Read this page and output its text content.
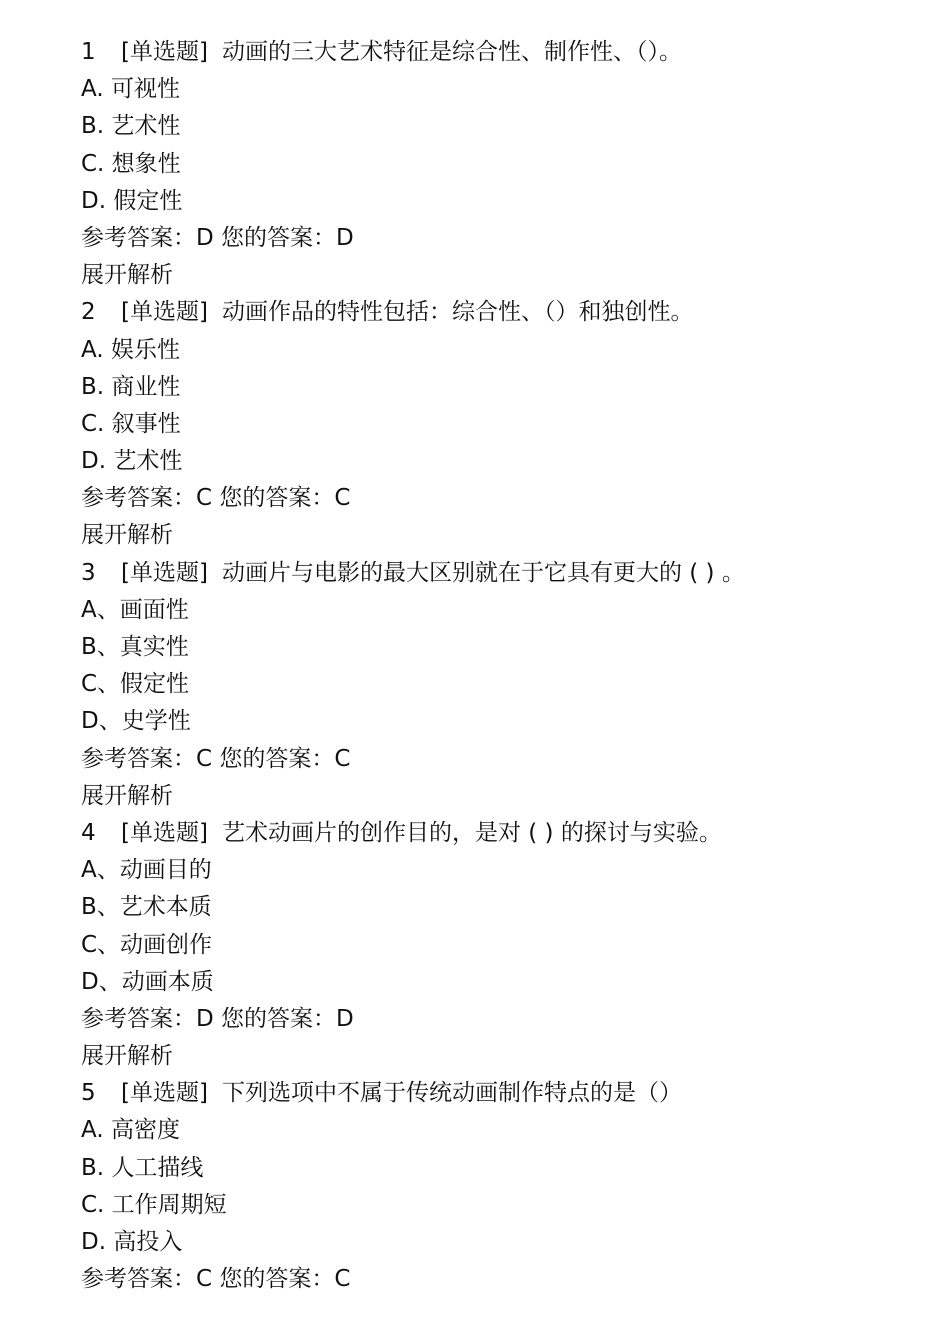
1 [单选题] 动画的三大艺术特征是综合性、制作性、（）。
A. 可视性
B. 艺术性
C. 想象性
D. 假定性
参考答案：D 您的答案：D
展开解析
2 [单选题] 动画作品的特性包括：综合性、（）和独创性。
A. 娱乐性
B. 商业性
C. 叙事性
D. 艺术性
参考答案：C 您的答案：C
展开解析
3 [单选题] 动画片与电影的最大区别就在于它具有更大的 ( ) 。
A、画面性
B、真实性
C、假定性
D、史学性
参考答案：C 您的答案：C
展开解析
4 [单选题] 艺术动画片的创作目的，是对 ( ) 的探讨与实验。
A、动画目的
B、艺术本质
C、动画创作
D、动画本质
参考答案：D 您的答案：D
展开解析
5 [单选题] 下列选项中不属于传统动画制作特点的是（）
A. 高密度
B. 人工描线
C. 工作周期短
D. 高投入
参考答案：C 您的答案：C
